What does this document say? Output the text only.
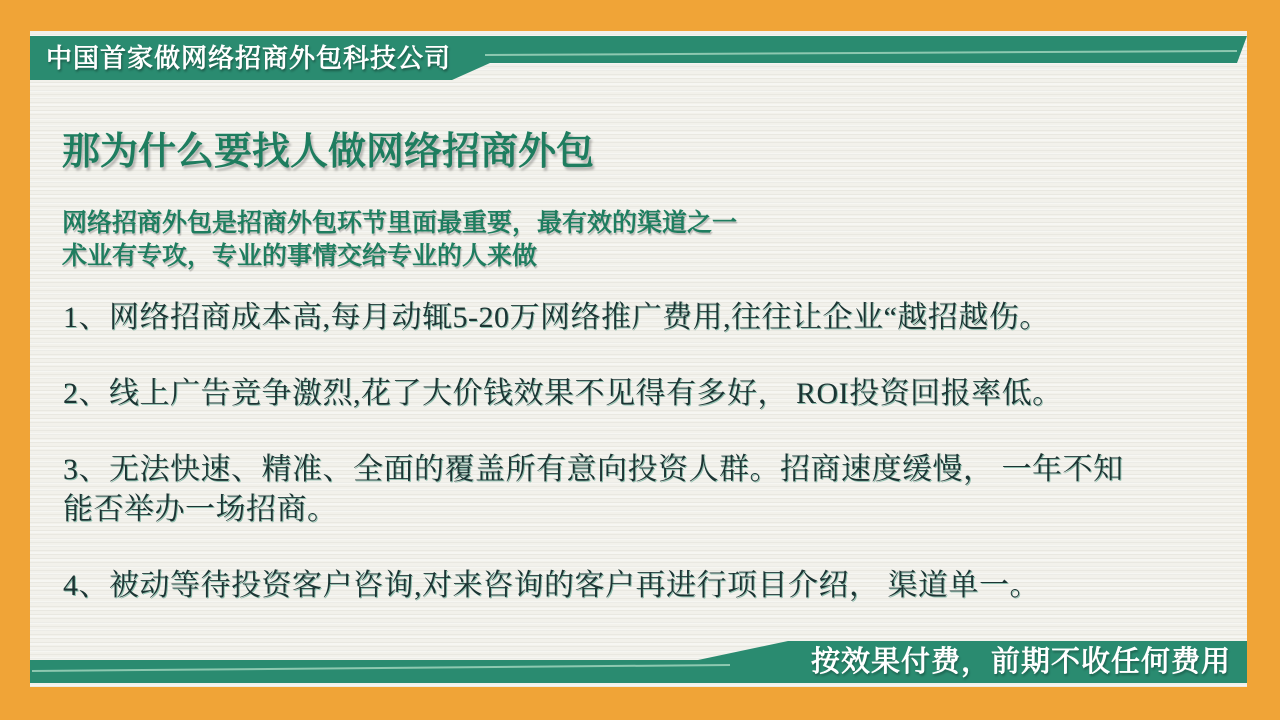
中国首家做网络招商外包科技公司
那为什么要找人做网络招商外包
网络招商外包是招商外包环节里面最重要，最有效的渠道之一
术业有专攻，专业的事情交给专业的人来做

1、网络招商成本高,每月动辄5-20万网络推广费用,往往让企业“越招越伤。

2、线上广告竞争激烈,花了大价钱效果不见得有多好， ROI投资回报率低。

3、无法快速、精准、全面的覆盖所有意向投资人群。招商速度缓慢， 一年不知
能否举办一场招商。

4、被动等待投资客户咨询,对来咨询的客户再进行项目介绍， 渠道单一。

按效果付费，前期不收任何费用
